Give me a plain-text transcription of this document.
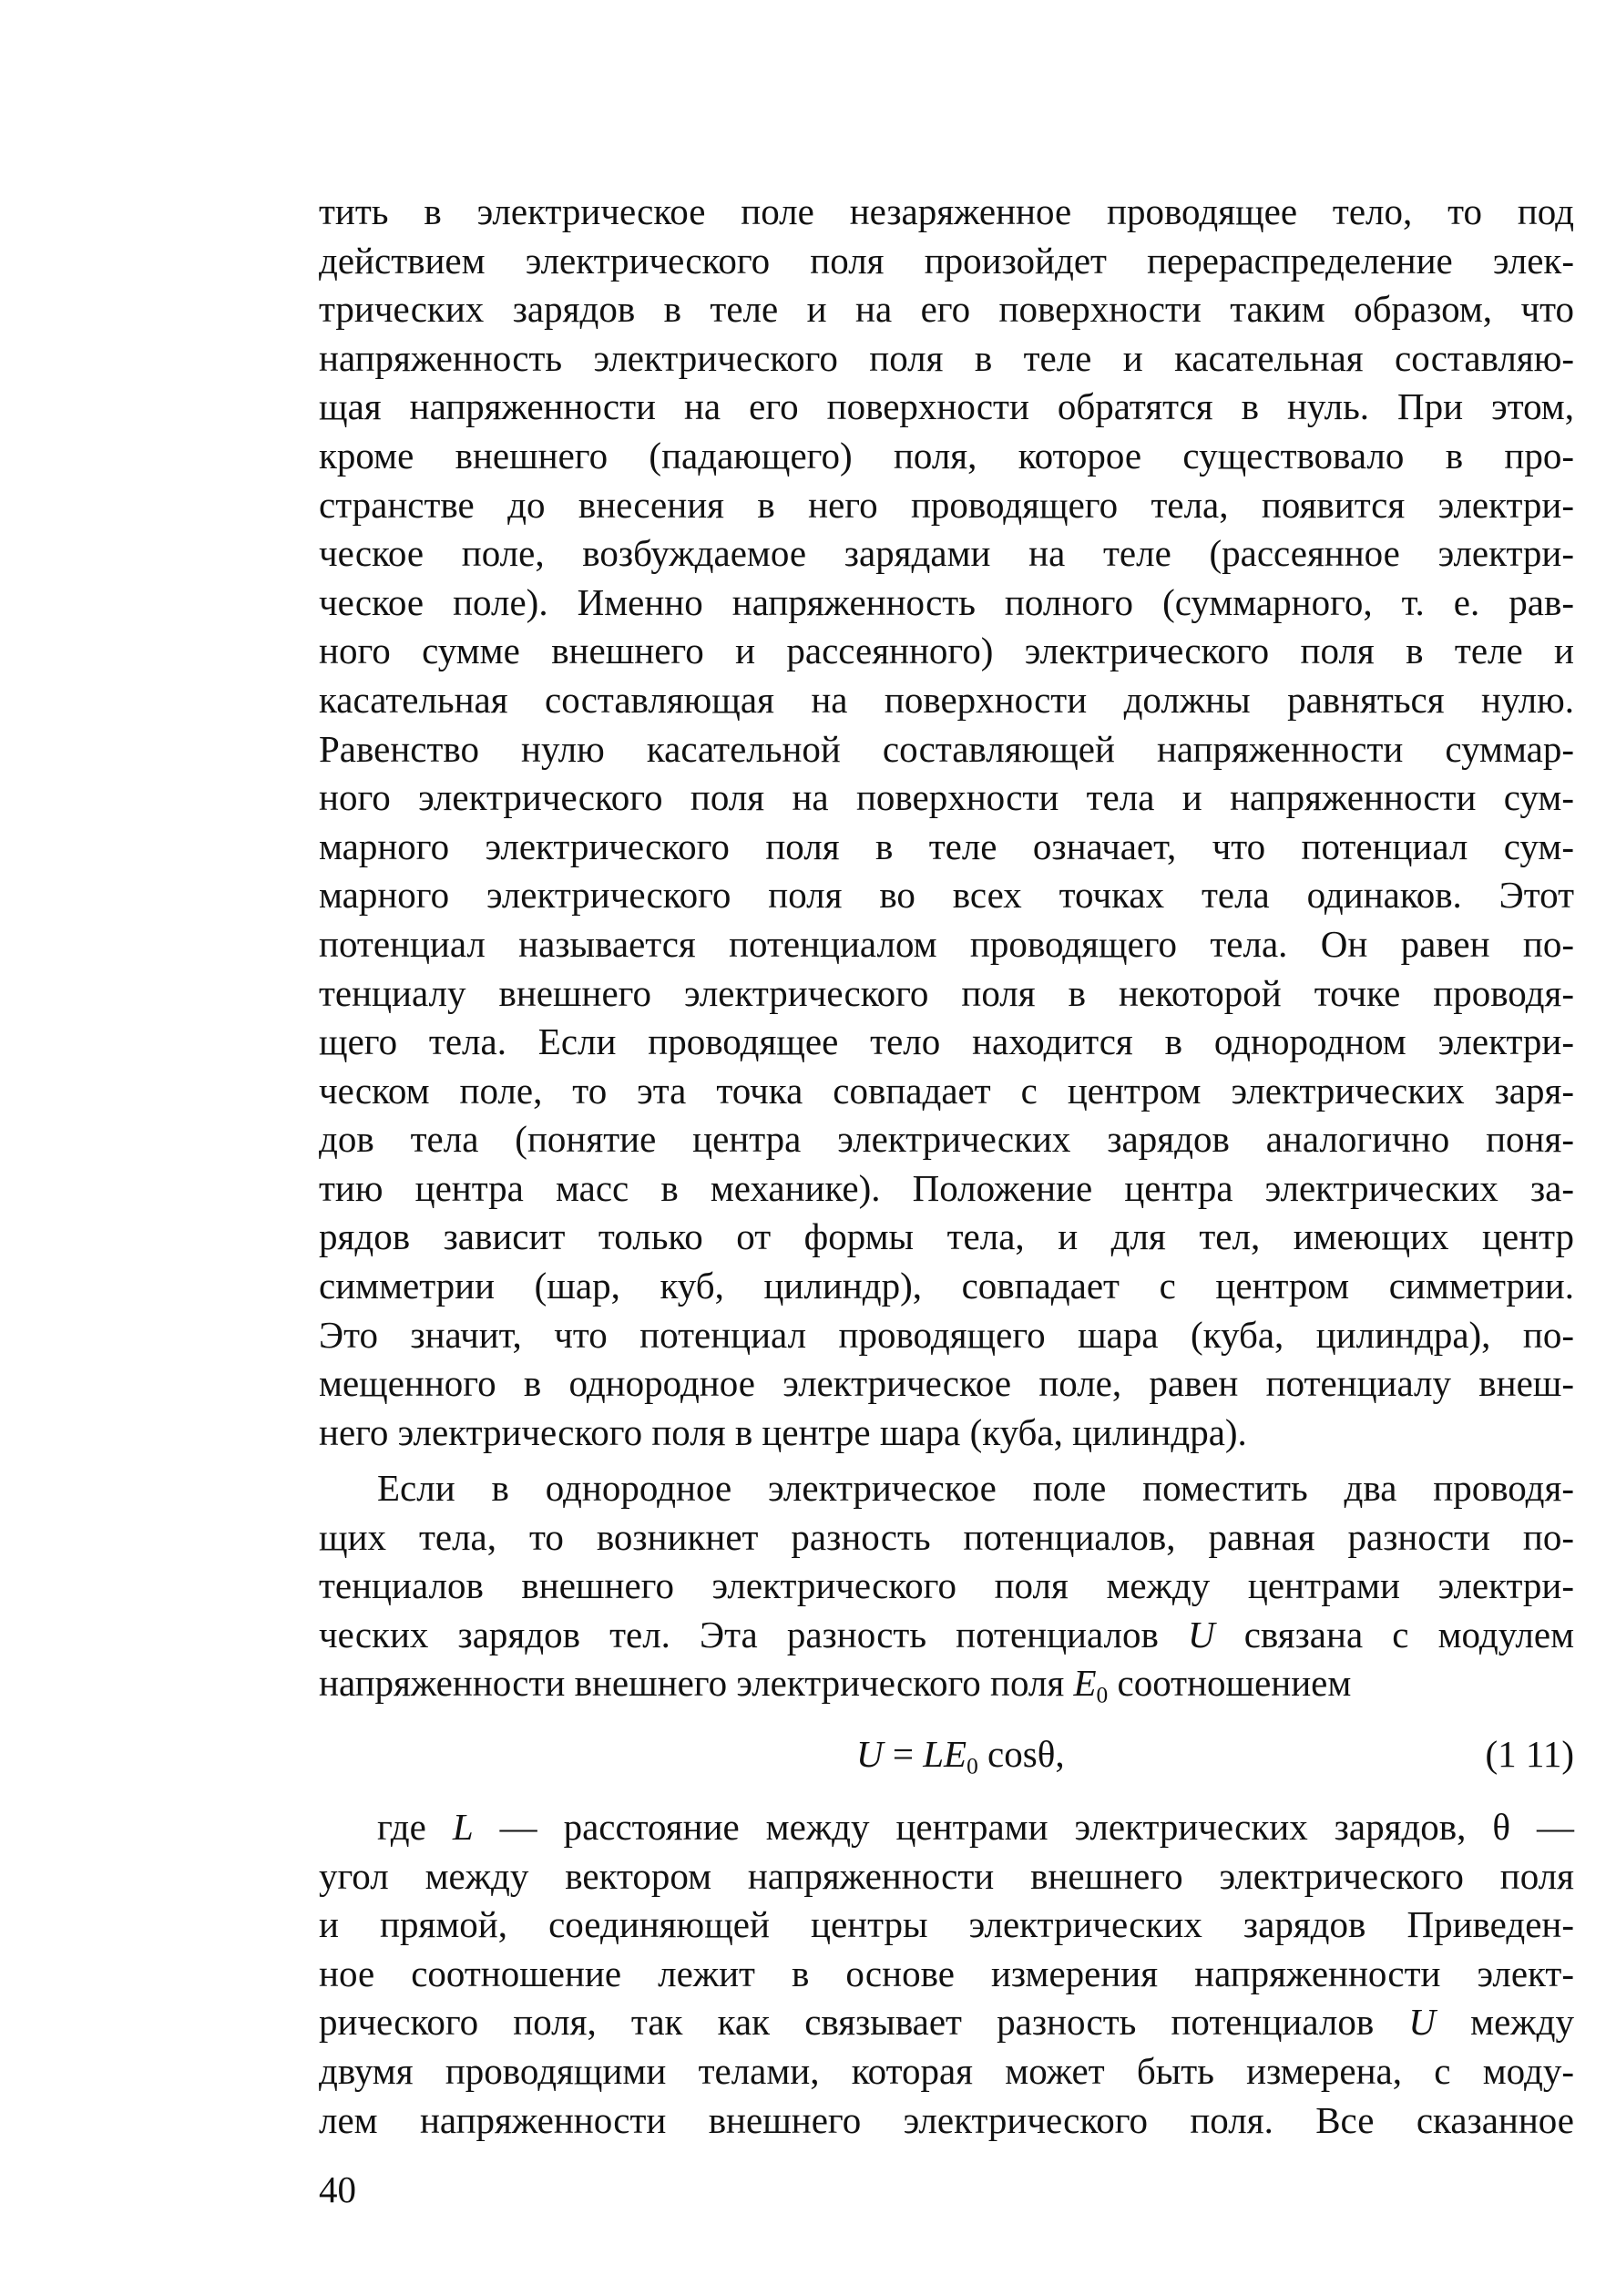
тить в электрическое поле незаряженное проводящее тело, то под
действием электрического поля произойдет перераспределение элек-
трических зарядов в теле и на его поверхности таким образом, что
напряженность электрического поля в теле и касательная составляю-
щая напряженности на его поверхности обратятся в нуль. При этом,
кроме внешнего (падающего) поля, которое существовало в про-
странстве до внесения в него проводящего тела, появится электри-
ческое поле, возбуждаемое зарядами на теле (рассеянное электри-
ческое поле). Именно напряженность полного (суммарного, т. е. рав-
ного сумме внешнего и рассеянного) электрического поля в теле и
касательная составляющая на поверхности должны равняться нулю.
Равенство нулю касательной составляющей напряженности суммар-
ного электрического поля на поверхности тела и напряженности сум-
марного электрического поля в теле означает, что потенциал сум-
марного электрического поля во всех точках тела одинаков. Этот
потенциал называется потенциалом проводящего тела. Он равен по-
тенциалу внешнего электрического поля в некоторой точке проводя-
щего тела. Если проводящее тело находится в однородном электри-
ческом поле, то эта точка совпадает с центром электрических заря-
дов тела (понятие центра электрических зарядов аналогично поня-
тию центра масс в механике). Положение центра электрических за-
рядов зависит только от формы тела, и для тел, имеющих центр
симметрии (шар, куб, цилиндр), совпадает с центром симметрии.
Это значит, что потенциал проводящего шара (куба, цилиндра), по-
мещенного в однородное электрическое поле, равен потенциалу внеш-
него электрического поля в центре шара (куба, цилиндра).
Если в однородное электрическое поле поместить два проводя-
щих тела, то возникнет разность потенциалов, равная разности по-
тенциалов внешнего электрического поля между центрами электри-
ческих зарядов тел. Эта разность потенциалов U связана с модулем
напряженности внешнего электрического поля $E_0$ соотношением
$U = LE_0$ cosθ,	(1 11)
где L — расстояние между центрами электрических зарядов, θ —
угол между вектором напряженности внешнего электрического поля
и прямой, соединяющей центры электрических зарядов Приведен-
ное соотношение лежит в основе измерения напряженности элект-
рического поля, так как связывает разность потенциалов U между
двумя проводящими телами, которая может быть измерена, с моду-
лем напряженности внешнего электрического поля. Все сказанное
40
